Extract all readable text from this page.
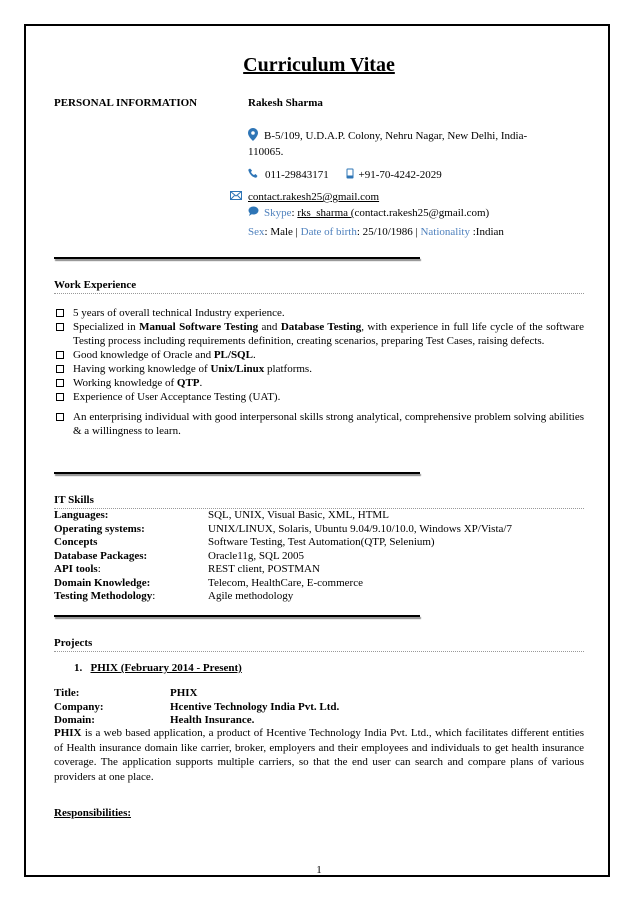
Curriculum Vitae
PERSONAL INFORMATION	Rakesh Sharma
B-5/109, U.D.A.P. Colony, Nehru Nagar, New Delhi, India-110065.
011-29843171	+91-70-4242-2029
contact.rakesh25@gmail.com
Skype: rks_sharma (contact.rakesh25@gmail.com)
Sex: Male | Date of birth: 25/10/1986 | Nationality :Indian
Work Experience
5 years of overall technical Industry experience.
Specialized in Manual Software Testing and Database Testing, with experience in full life cycle of the software Testing process including requirements definition, creating scenarios, preparing Test Cases, raising defects.
Good knowledge of Oracle and PL/SQL.
Having working knowledge of Unix/Linux platforms.
Working knowledge of QTP.
Experience of User Acceptance Testing (UAT).
An enterprising individual with good interpersonal skills strong analytical, comprehensive problem solving abilities & a willingness to learn.
IT Skills
Languages:	SQL, UNIX, Visual Basic, XML, HTML
Operating systems:	UNIX/LINUX, Solaris, Ubuntu 9.04/9.10/10.0, Windows XP/Vista/7
Concepts	Software Testing, Test Automation(QTP, Selenium)
Database Packages:	Oracle11g, SQL 2005
API tools:	REST client, POSTMAN
Domain Knowledge:	Telecom, HealthCare, E-commerce
Testing Methodology:	Agile methodology
Projects
1. PHIX (February 2014 - Present)
Title:	PHIX
Company:	Hcentive Technology India Pvt. Ltd.
Domain:	Health Insurance.
PHIX is a web based application, a product of Hcentive Technology India Pvt. Ltd., which facilitates different entities of Health insurance domain like carrier, broker, employers and their employees and individuals to get health insurance coverage. The application supports multiple carriers, so that the end user can search and compare plans of various providers at one place.
Responsibilities:
1
